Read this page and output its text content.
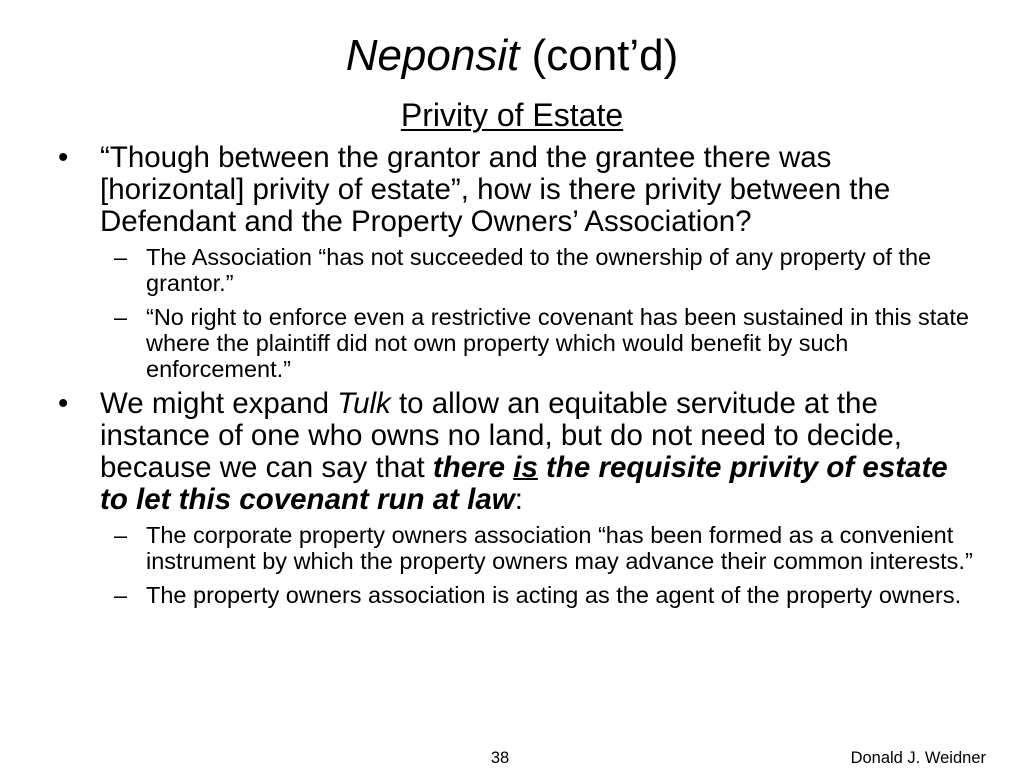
Neponsit (cont’d)
Privity of Estate
•	“Though between the grantor and the grantee there was [horizontal] privity of estate”, how is there privity between the Defendant and the Property Owners’ Association?
– The Association “has not succeeded to the ownership of any property of the grantor.”
– “No right to enforce even a restrictive covenant has been sustained in this state where the plaintiff did not own property which would benefit by such enforcement.”
•	We might expand Tulk to allow an equitable servitude at the instance of one who owns no land, but do not need to decide, because we can say that there is the requisite privity of estate to let this covenant run at law:
– The corporate property owners association “has been formed as a convenient instrument by which the property owners may advance their common interests.”
– The property owners association is acting as the agent of the property owners.
38	Donald J. Weidner
